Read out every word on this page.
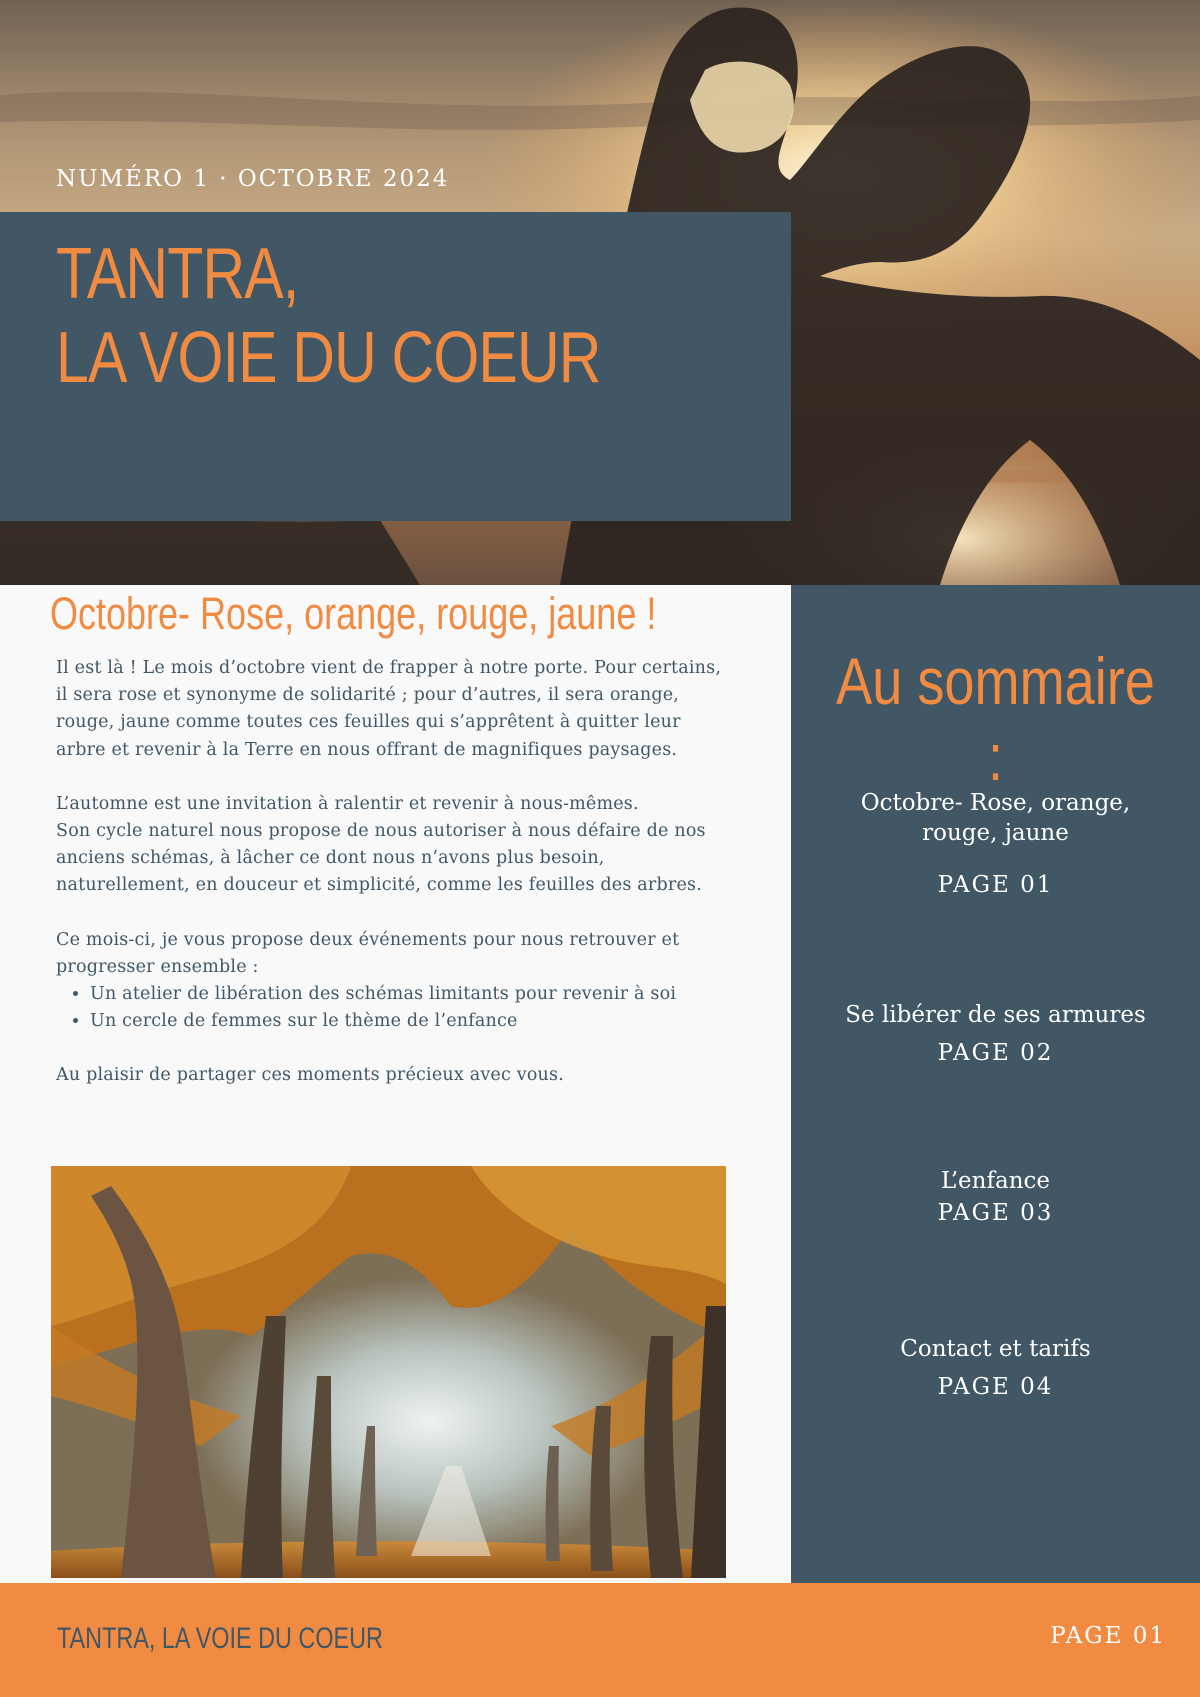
NUMÉRO 1 · OCTOBRE 2024

TANTRA,
LA VOIE DU COEUR
Octobre- Rose, orange, rouge, jaune !

Il est là ! Le mois d’octobre vient de frapper à notre porte. Pour certains, il sera rose et synonyme de solidarité ; pour d’autres, il sera orange, rouge, jaune comme toutes ces feuilles qui s’apprêtent à quitter leur arbre et revenir à la Terre en nous offrant de magnifiques paysages.

L’automne est une invitation à ralentir et revenir à nous-mêmes.

Son cycle naturel nous propose de nous autoriser à nous défaire de nos anciens schémas, à lâcher ce dont nous n’avons plus besoin, naturellement, en douceur et simplicité, comme les feuilles des arbres.

Ce mois-ci, je vous propose deux événements pour nous retrouver et progresser ensemble :

• Un atelier de libération des schémas limitants pour revenir à soi
• Un cercle de femmes sur le thème de l’enfance

Au plaisir de partager ces moments précieux avec vous.

Au sommaire :

Octobre- Rose, orange, rouge, jaune

PAGE 01

Se libérer de ses armures

PAGE 02

L’enfance

PAGE 03

Contact et tarifs

PAGE 04

TANTRA, LA VOIE DU COEUR	PAGE 01
